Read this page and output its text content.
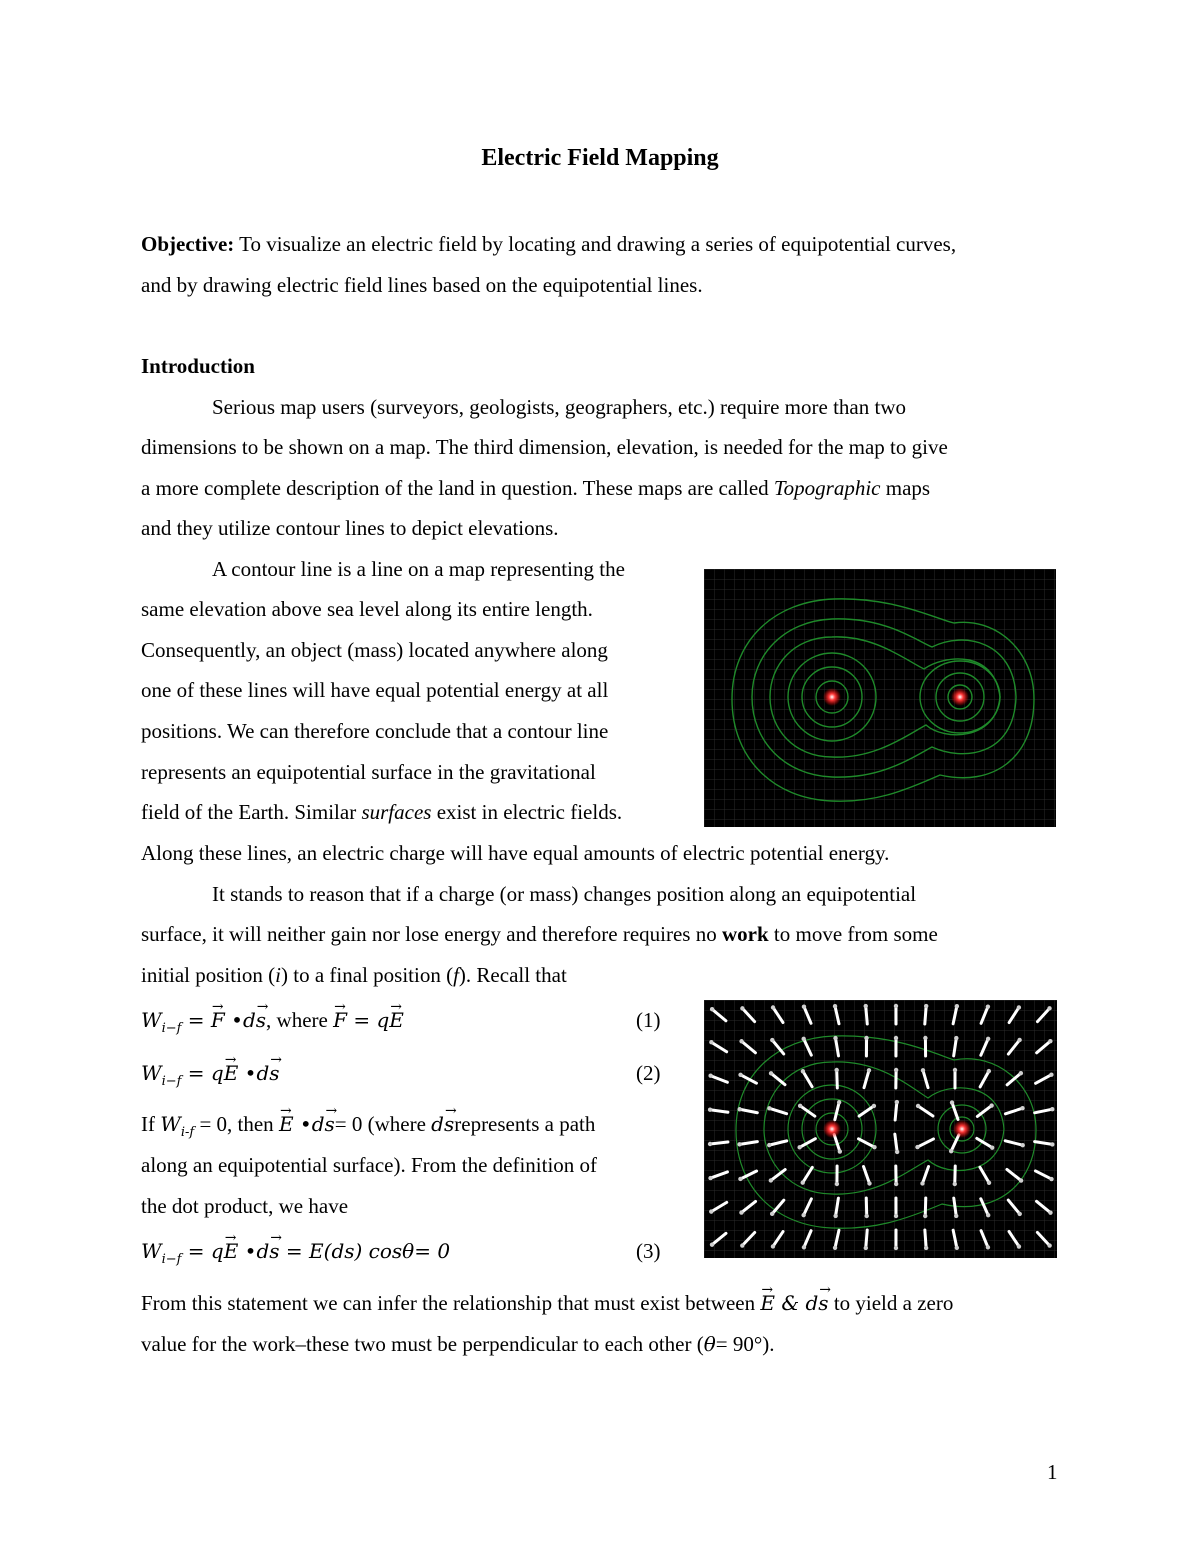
Electric Field Mapping
Objective: To visualize an electric field by locating and drawing a series of equipotential curves,
and by drawing electric field lines based on the equipotential lines.
Introduction
Serious map users (surveyors, geologists, geographers, etc.) require more than two
dimensions to be shown on a map. The third dimension, elevation, is needed for the map to give
a more complete description of the land in question. These maps are called Topographic maps
and they utilize contour lines to depict elevations.
A contour line is a line on a map representing the
same elevation above sea level along its entire length.
Consequently, an object (mass) located anywhere along
one of these lines will have equal potential energy at all
positions. We can therefore conclude that a contour line
represents an equipotential surface in the gravitational
field of the Earth. Similar surfaces exist in electric fields.
Along these lines, an electric charge will have equal amounts of electric potential energy.
It stands to reason that if a charge (or mass) changes position along an equipotential
surface, it will neither gain nor lose energy and therefore requires no work to move from some
initial position (i) to a final position (f). Recall that
$W_{i-f}$ = → F •d→ s, where → F = q→ E	(1)
$W_{i-f} = q\to E$ •d→ s	(2)
If $W_{i-f} = 0$, then → E •d→ s= 0 (where d→ srepresents a path
along an equipotential surface). From the definition of
the dot product, we have
$W_{i-f} = q\to E$ •d→ s = E(ds) cosθ= 0	(3)
From this statement we can infer the relationship that must exist between → E & d→ s to yield a zero
value for the work–these two must be perpendicular to each other (θ= 90°).
1
